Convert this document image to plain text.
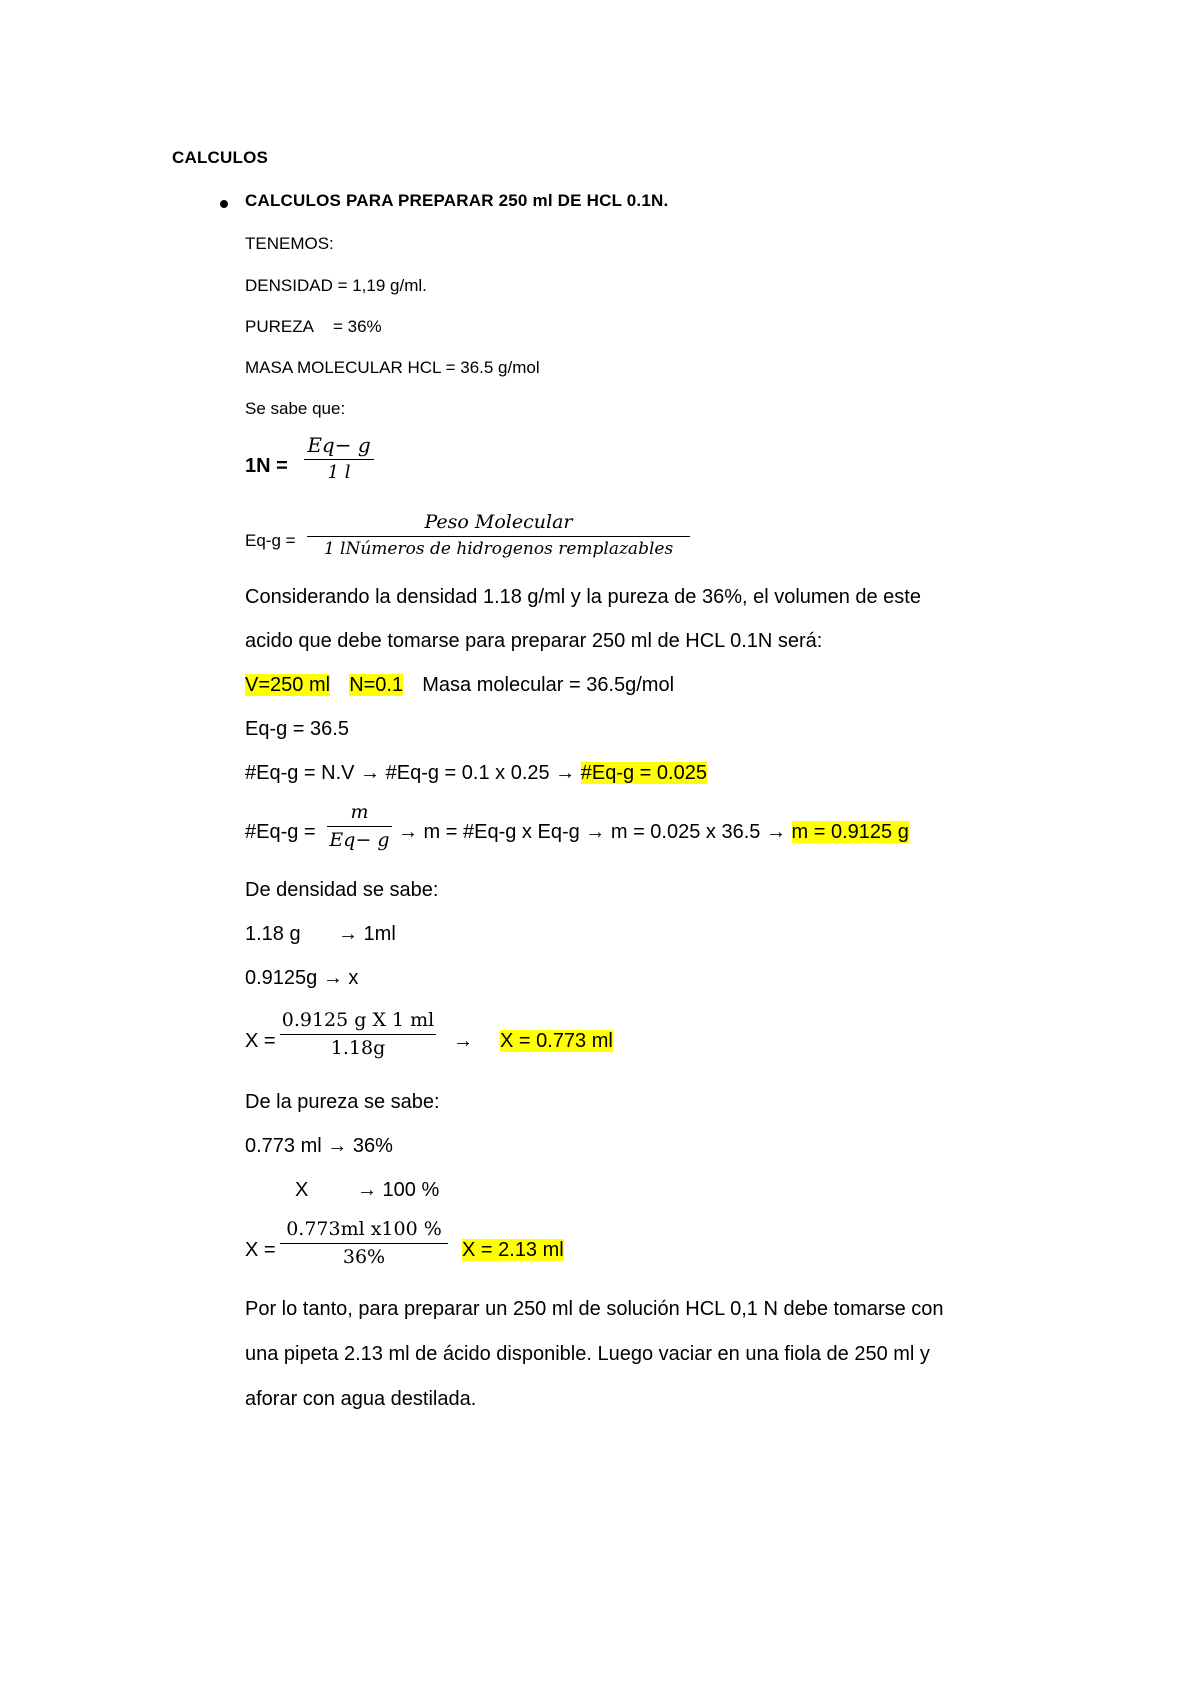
CALCULOS
CALCULOS PARA PREPARAR 250 ml DE HCL 0.1N.
TENEMOS:
DENSIDAD = 1,19 g/ml.
PUREZA = 36%
MASA MOLECULAR HCL = 36.5 g/mol
Se sabe que:
1N =
Eq− g
1 l
Eq-g =
Peso Molecular
1 lNúmeros de hidrogenos remplazables
Considerando la densidad 1.18 g/ml y la pureza de 36%, el volumen de este
acido que debe tomarse para preparar 250 ml de HCL 0.1N será:
V=250 ml N=0.1 Masa molecular = 36.5g/mol
Eq-g = 36.5
#Eq-g = N.V → #Eq-g = 0.1 x 0.25 → #Eq-g = 0.025
#Eq-g =
m
Eq− g → m = #Eq-g x Eq-g → m = 0.025 x 36.5 → m = 0.9125 g
De densidad se sabe:
1.18 g → 1ml
0.9125g → x
X =
0.9125 g X 1 ml
1.18g	→ X = 0.773 ml
De la pureza se sabe:
0.773 ml → 36%
X → 100 %
X =
0.773ml x100 %
36%	X = 2.13 ml
Por lo tanto, para preparar un 250 ml de solución HCL 0,1 N debe tomarse con
una pipeta 2.13 ml de ácido disponible. Luego vaciar en una fiola de 250 ml y
aforar con agua destilada.
